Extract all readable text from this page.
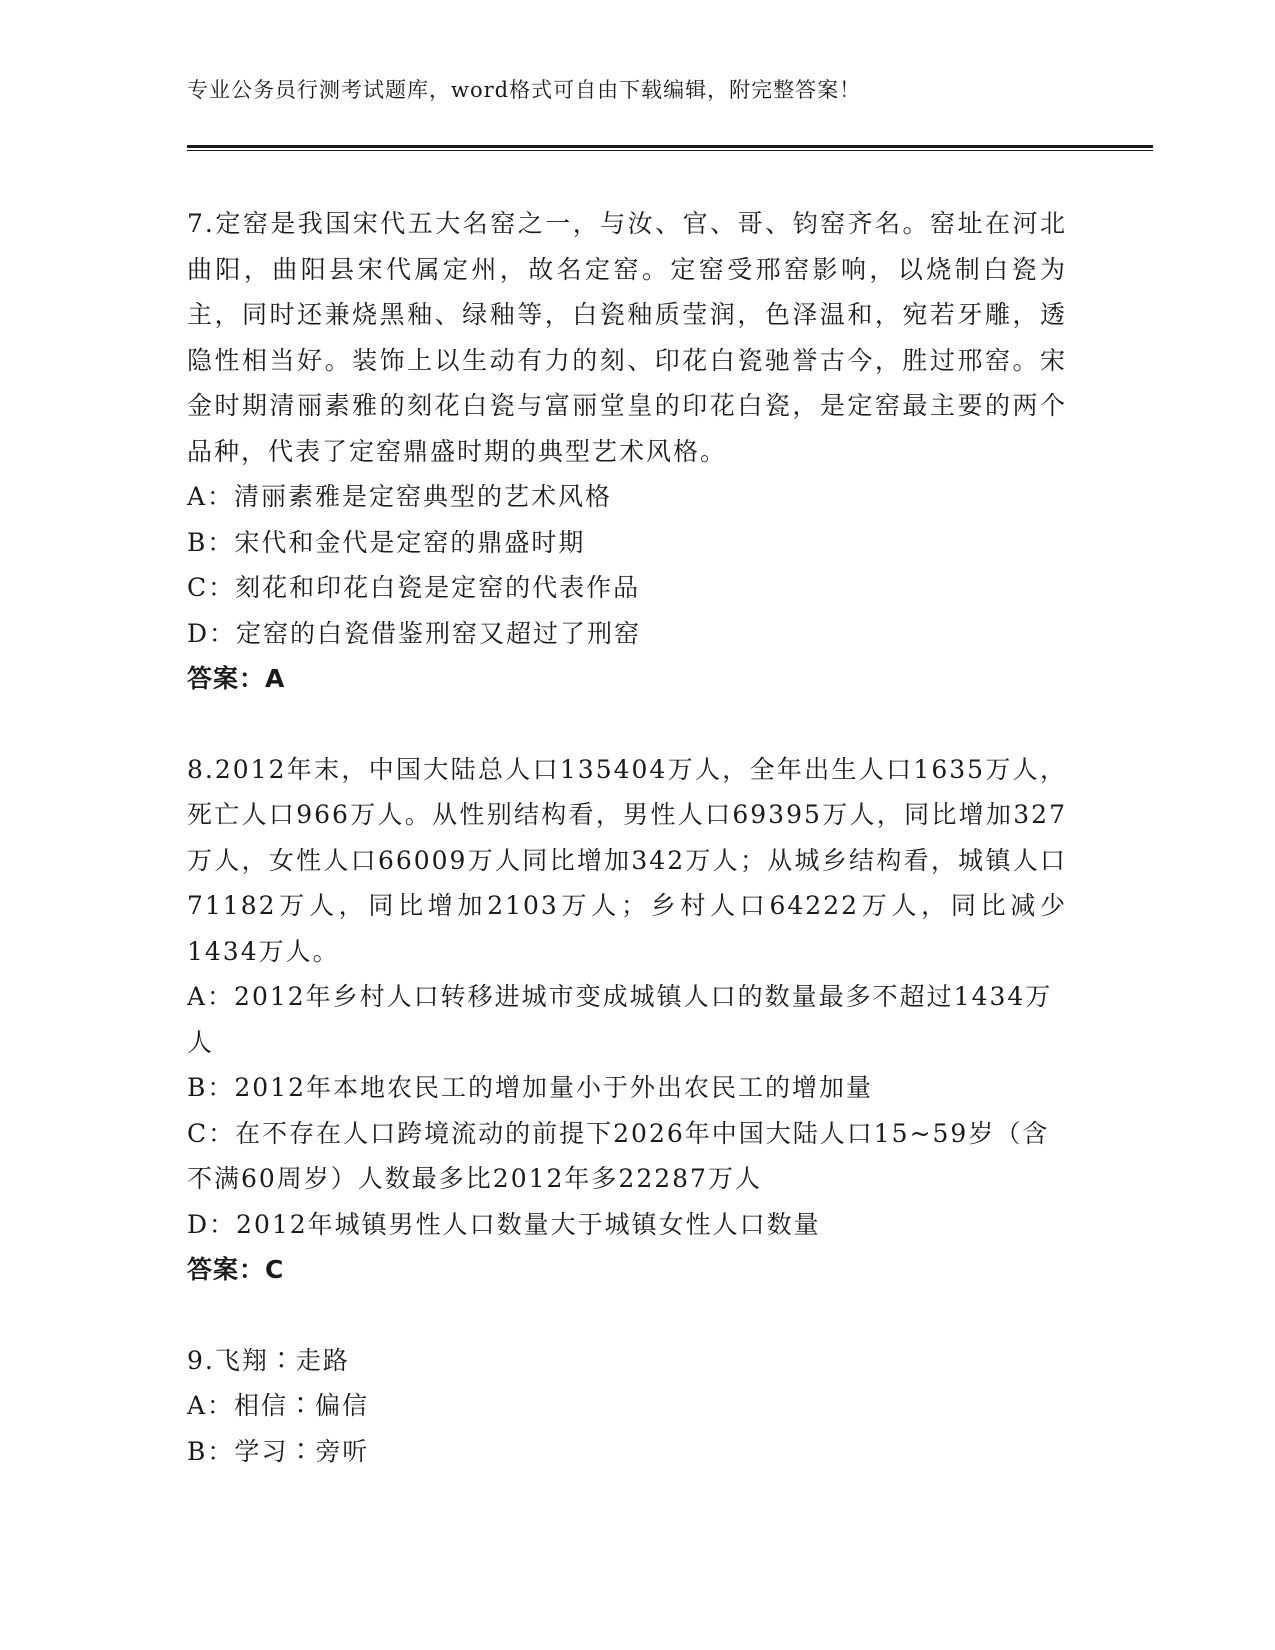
专业公务员行测考试题库，word格式可自由下载编辑，附完整答案！

7.定窑是我国宋代五大名窑之一，与汝、官、哥、钧窑齐名。窑址在河北曲阳，曲阳县宋代属定州，故名定窑。定窑受邢窑影响，以烧制白瓷为主，同时还兼烧黑釉、绿釉等，白瓷釉质莹润，色泽温和，宛若牙雕，透隐性相当好。装饰上以生动有力的刻、印花白瓷驰誉古今，胜过邢窑。宋金时期清丽素雅的刻花白瓷与富丽堂皇的印花白瓷，是定窑最主要的两个品种，代表了定窑鼎盛时期的典型艺术风格。

A：清丽素雅是定窑典型的艺术风格

B：宋代和金代是定窑的鼎盛时期

C：刻花和印花白瓷是定窑的代表作品

D：定窑的白瓷借鉴刑窑又超过了刑窑

答案：A

8.2012年末，中国大陆总人口135404万人，全年出生人口1635万人，死亡人口966万人。从性别结构看，男性人口69395万人，同比增加327万人，女性人口66009万人同比增加342万人；从城乡结构看，城镇人口71182万人，同比增加2103万人；乡村人口64222万人，同比减少1434万人。

A：2012年乡村人口转移进城市变成城镇人口的数量最多不超过1434万人

B：2012年本地农民工的增加量小于外出农民工的增加量

C：在不存在人口跨境流动的前提下2026年中国大陆人口15~59岁（含不满60周岁）人数最多比2012年多22287万人

D：2012年城镇男性人口数量大于城镇女性人口数量

答案：C

9.飞翔∶走路

A：相信∶偏信

B：学习∶旁听
